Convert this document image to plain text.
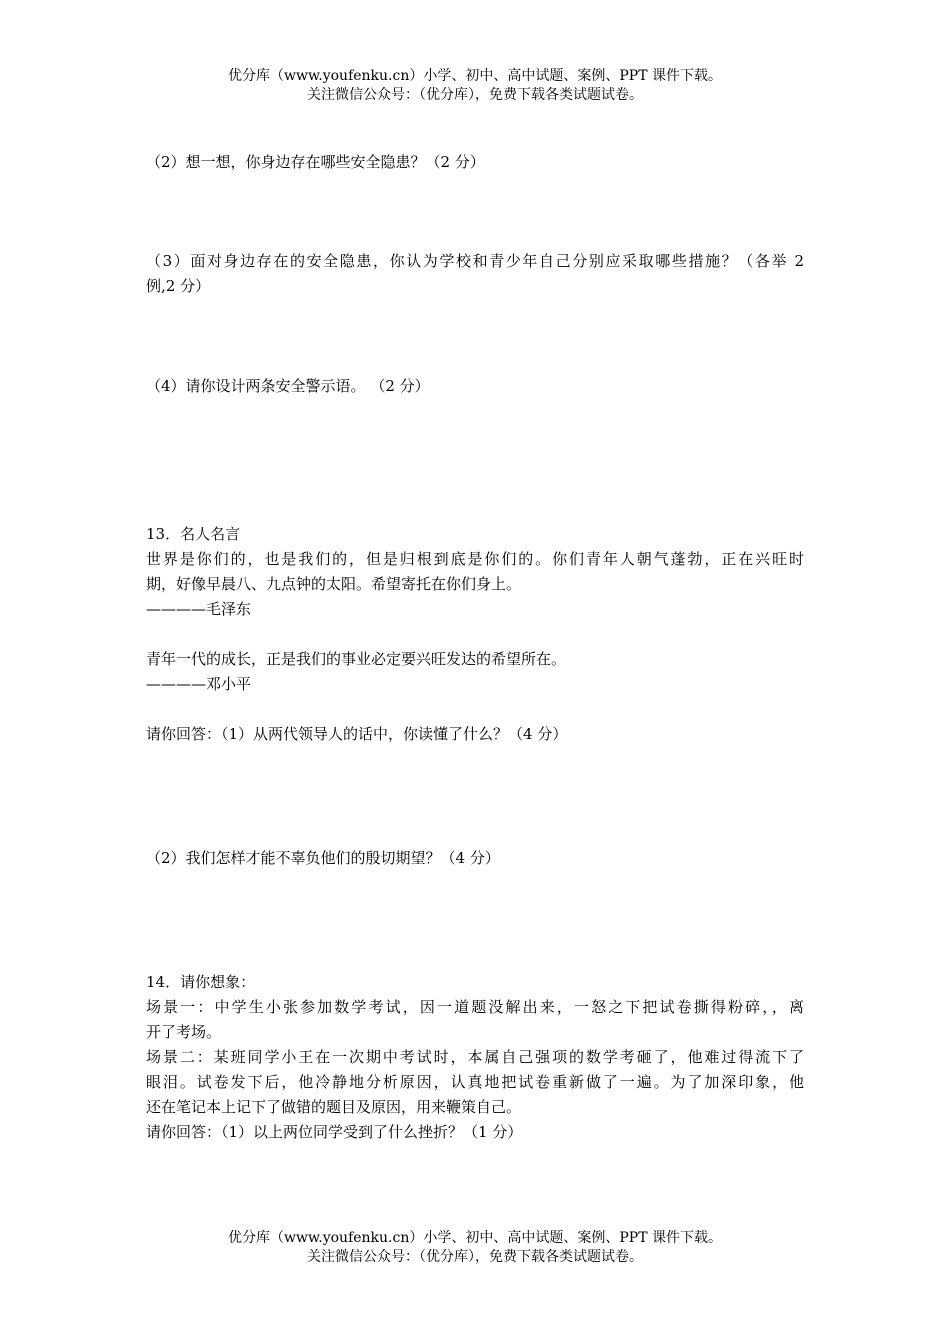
优分库（www.youfenku.cn）小学、初中、高中试题、案例、PPT 课件下载。
关注微信公众号：（优分库），免费下载各类试题试卷。
（2）想一想，你身边存在哪些安全隐患？（2 分）
（3）面对身边存在的安全隐患，你认为学校和青少年自己分别应采取哪些措施？（各举 2
例,2 分）
（4）请你设计两条安全警示语。 （2 分）
13．名人名言
世界是你们的，也是我们的，但是归根到底是你们的。你们青年人朝气蓬勃，正在兴旺时
期，好像早晨八、九点钟的太阳。希望寄托在你们身上。
————毛泽东
青年一代的成长，正是我们的事业必定要兴旺发达的希望所在。
————邓小平
请你回答：（1）从两代领导人的话中，你读懂了什么？（4 分）
（2）我们怎样才能不辜负他们的殷切期望？（4 分）
14．请你想象：
场景一：中学生小张参加数学考试，因一道题没解出来，一怒之下把试卷撕得粉碎，，离
开了考场。
场景二：某班同学小王在一次期中考试时，本属自己强项的数学考砸了，他难过得流下了
眼泪。试卷发下后，他冷静地分析原因，认真地把试卷重新做了一遍。为了加深印象，他
还在笔记本上记下了做错的题目及原因，用来鞭策自己。
请你回答：（1）以上两位同学受到了什么挫折？（1 分）
优分库（www.youfenku.cn）小学、初中、高中试题、案例、PPT 课件下载。
关注微信公众号：（优分库），免费下载各类试题试卷。
